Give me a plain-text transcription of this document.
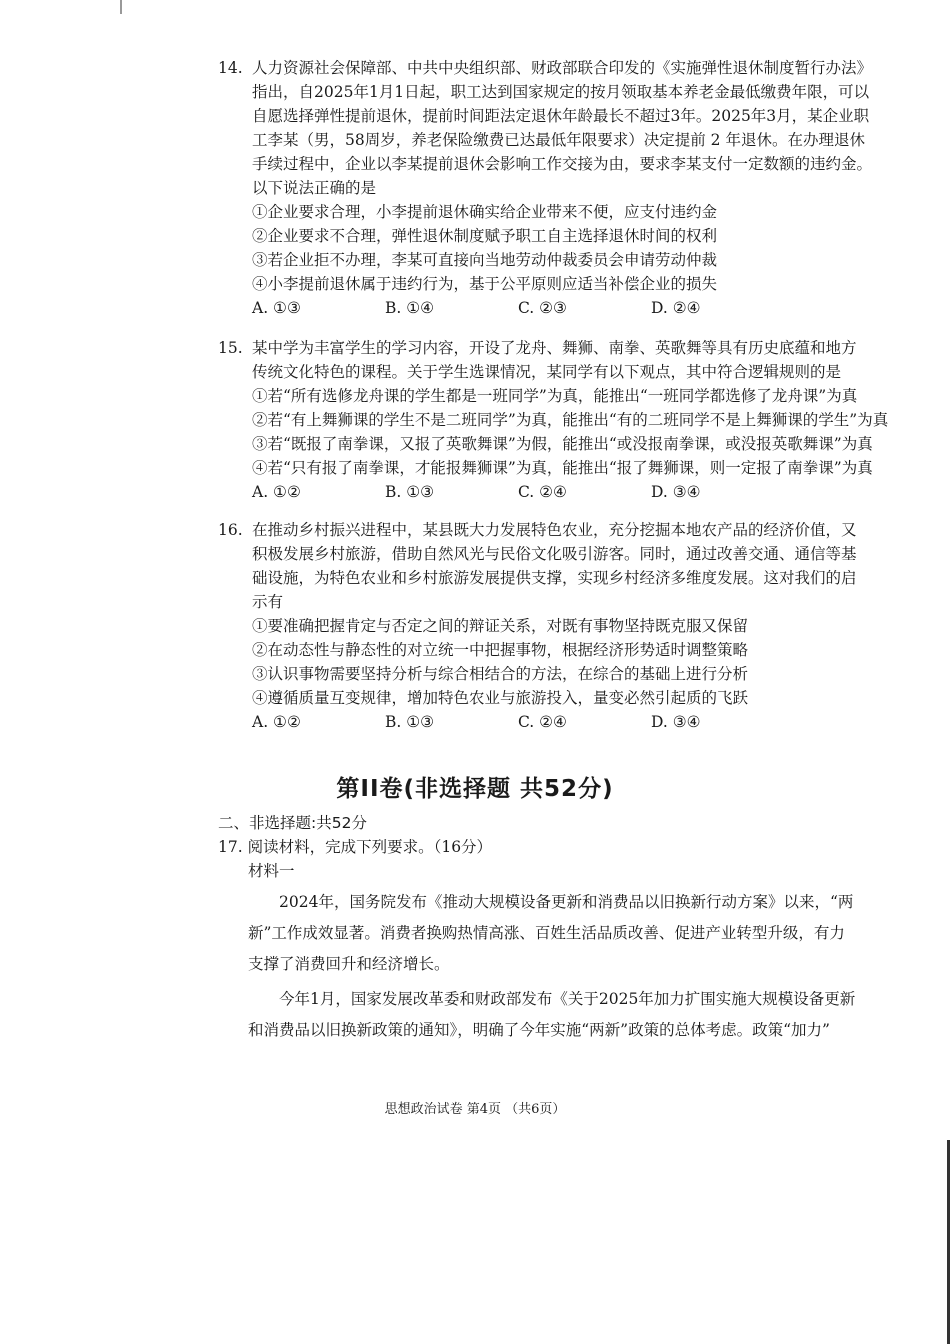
14. 人力资源社会保障部、中共中央组织部、财政部联合印发的《实施弹性退休制度暂行办法》
指出，自2025年1月1日起，职工达到国家规定的按月领取基本养老金最低缴费年限，可以
自愿选择弹性提前退休，提前时间距法定退休年龄最长不超过3年。2025年3月，某企业职
工李某（男，58周岁，养老保险缴费已达最低年限要求）决定提前 2 年退休。在办理退休
手续过程中，企业以李某提前退休会影响工作交接为由，要求李某支付一定数额的违约金。
以下说法正确的是
①企业要求合理，小李提前退休确实给企业带来不便，应支付违约金
②企业要求不合理，弹性退休制度赋予职工自主选择退休时间的权利
③若企业拒不办理，李某可直接向当地劳动仲裁委员会申请劳动仲裁
④小李提前退休属于违约行为，基于公平原则应适当补偿企业的损失
A. ①③	B. ①④	C. ②③	D. ②④
15. 某中学为丰富学生的学习内容，开设了龙舟、舞狮、南拳、英歌舞等具有历史底蕴和地方
传统文化特色的课程。关于学生选课情况，某同学有以下观点，其中符合逻辑规则的是
①若“所有选修龙舟课的学生都是一班同学”为真，能推出“一班同学都选修了龙舟课”为真
②若“有上舞狮课的学生不是二班同学”为真，能推出“有的二班同学不是上舞狮课的学生”为真
③若“既报了南拳课，又报了英歌舞课”为假，能推出“或没报南拳课，或没报英歌舞课”为真
④若“只有报了南拳课，才能报舞狮课”为真，能推出“报了舞狮课，则一定报了南拳课”为真
A. ①②	B. ①③	C. ②④	D. ③④
16. 在推动乡村振兴进程中，某县既大力发展特色农业，充分挖掘本地农产品的经济价值，又
积极发展乡村旅游，借助自然风光与民俗文化吸引游客。同时，通过改善交通、通信等基
础设施，为特色农业和乡村旅游发展提供支撑，实现乡村经济多维度发展。这对我们的启
示有
①要准确把握肯定与否定之间的辩证关系，对既有事物坚持既克服又保留
②在动态性与静态性的对立统一中把握事物，根据经济形势适时调整策略
③认识事物需要坚持分析与综合相结合的方法，在综合的基础上进行分析
④遵循质量互变规律，增加特色农业与旅游投入，量变必然引起质的飞跃
A. ①②	B. ①③	C. ②④	D. ③④
第II卷(非选择题 共52分)
二、非选择题:共52分
17. 阅读材料，完成下列要求。（16分）
材料一
2024年，国务院发布《推动大规模设备更新和消费品以旧换新行动方案》以来，“两
新”工作成效显著。消费者换购热情高涨、百姓生活品质改善、促进产业转型升级，有力
支撑了消费回升和经济增长。
今年1月，国家发展改革委和财政部发布《关于2025年加力扩围实施大规模设备更新
和消费品以旧换新政策的通知》，明确了今年实施“两新”政策的总体考虑。政策“加力”
思想政治试卷 第4页 （共6页）
